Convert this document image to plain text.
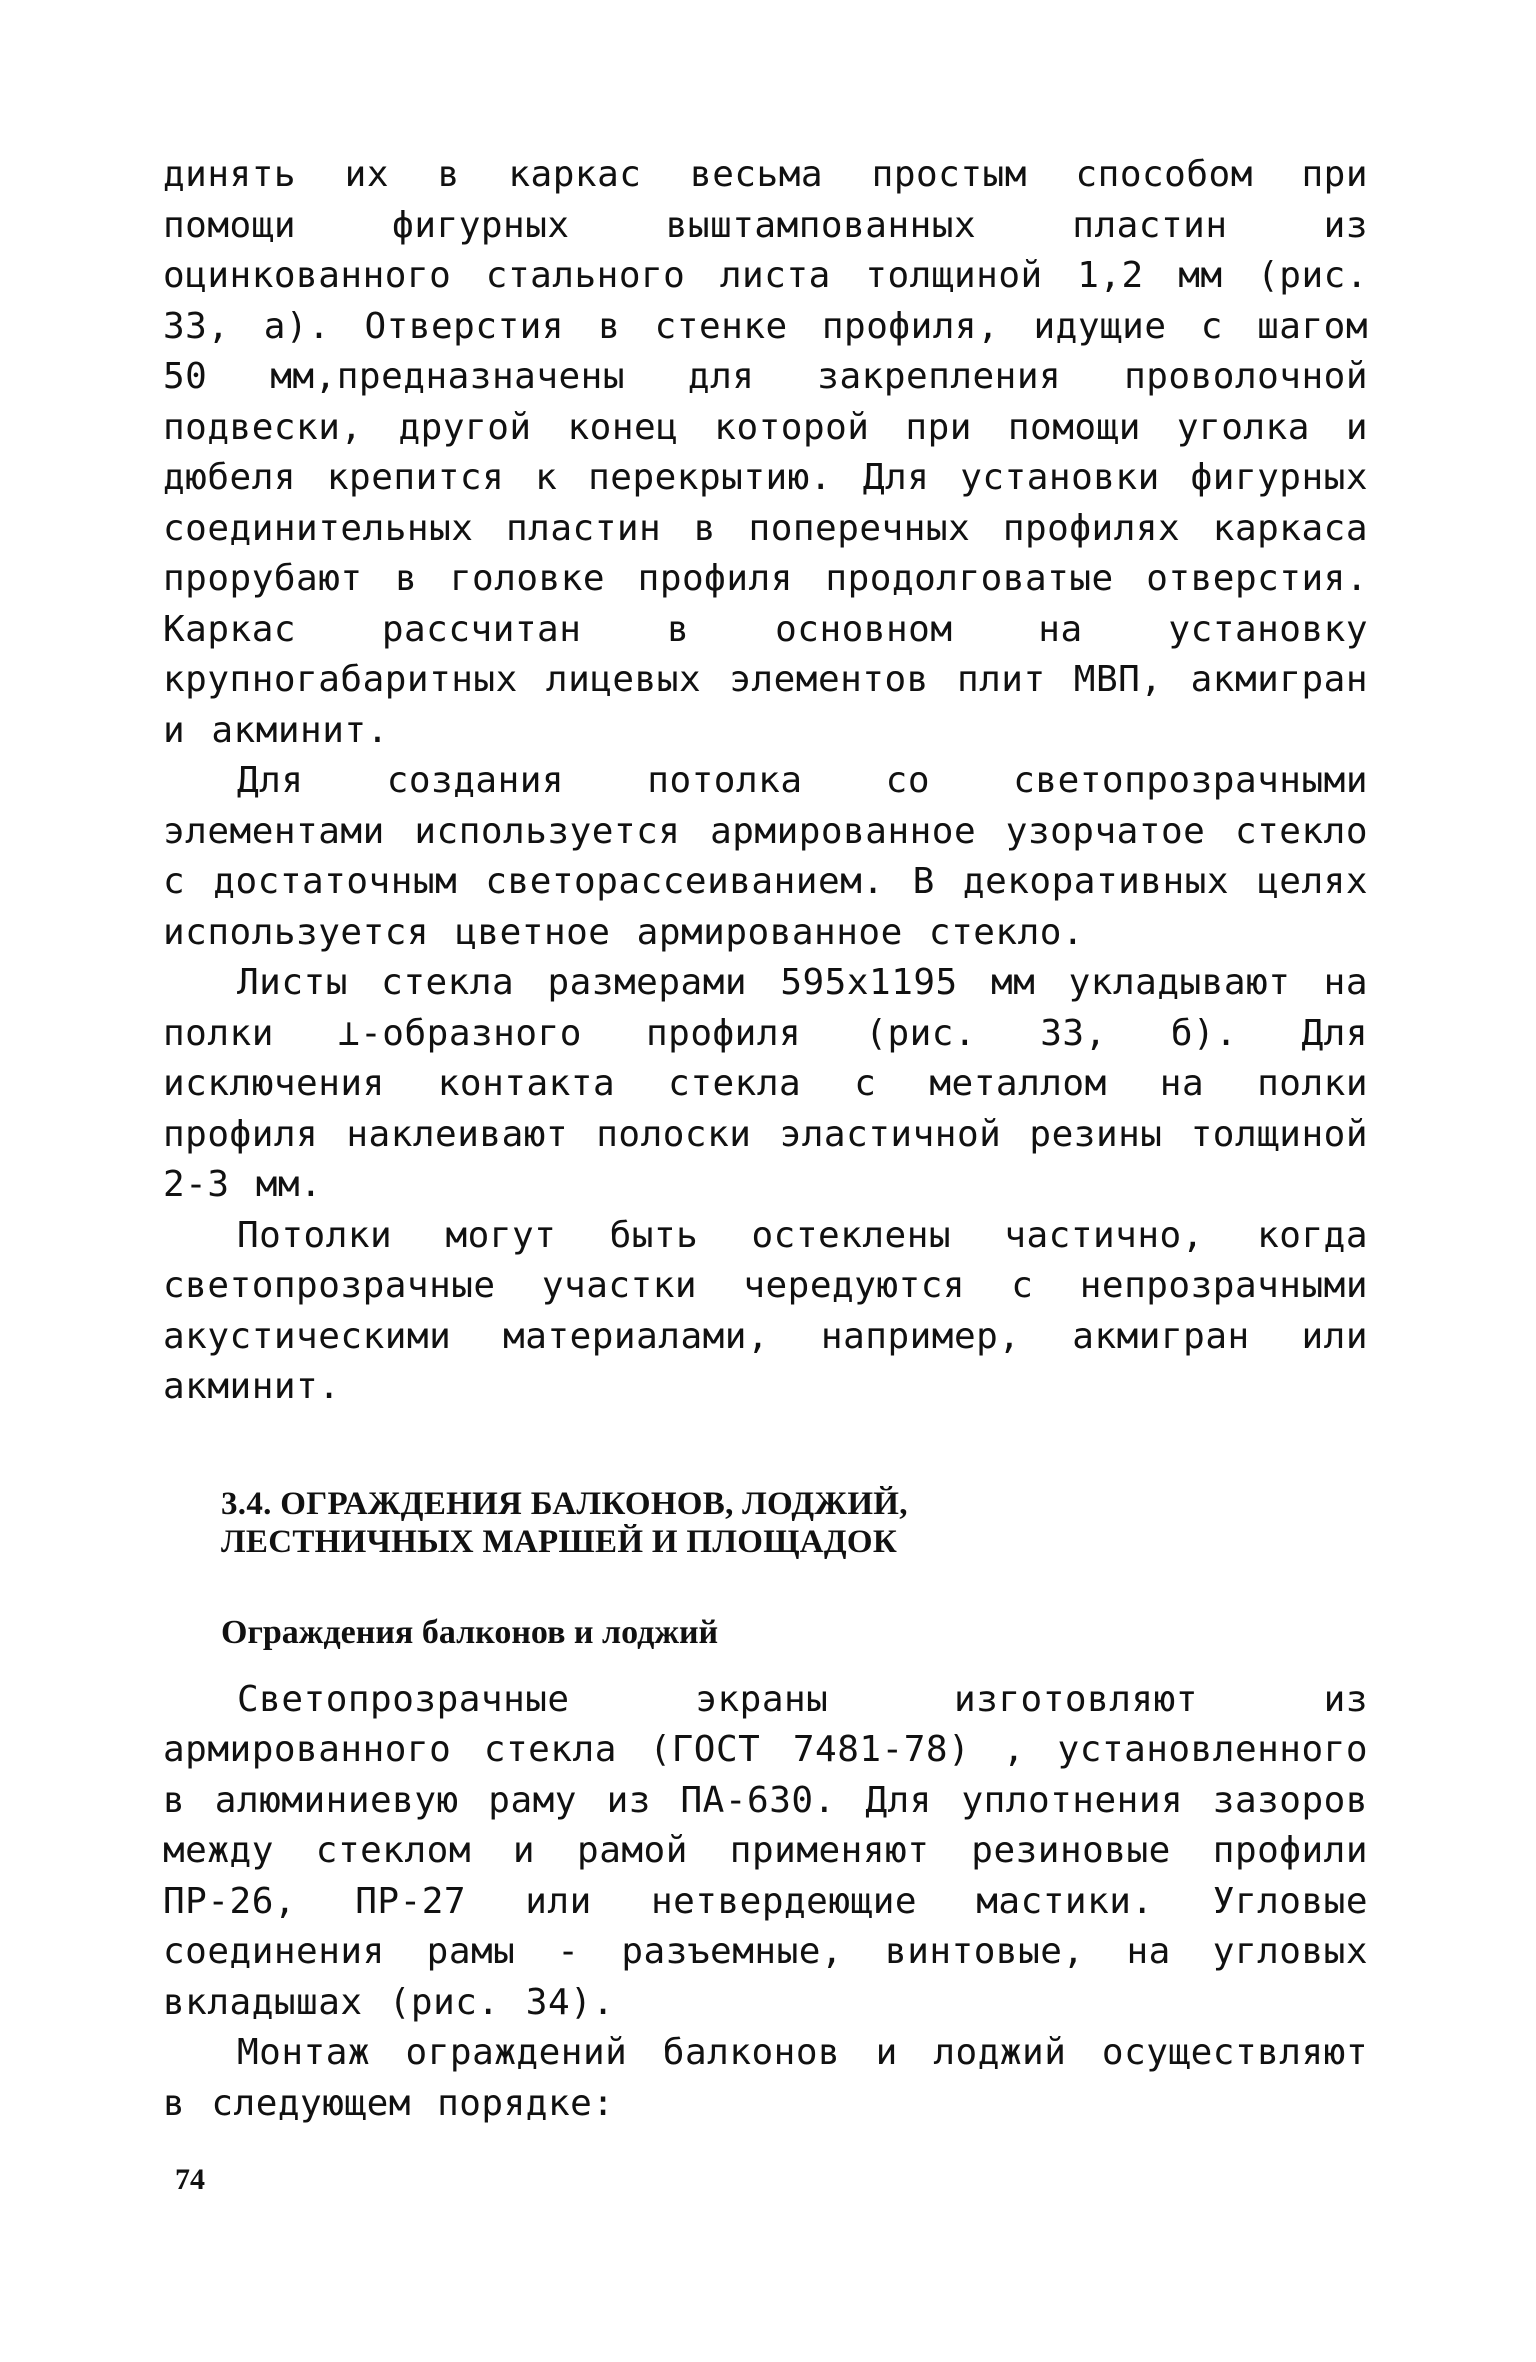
динять их в каркас весьма простым способом при помощи фигурных выштампованных пластин из оцинкованного стального листа толщиной 1,2 мм (рис. 33, а). Отверстия в стенке профиля, идущие с шагом 50 мм,предназначены для закрепления проволочной подвески, другой конец которой при помощи уголка и дюбеля крепится к перекрытию. Для установки фигурных соединительных пластин в поперечных профилях каркаса прорубают в головке профиля продолговатые отверстия. Каркас рассчитан в основном на установку крупногабаритных лицевых элементов плит МВП, акмигран и акминит.

Для создания потолка со светопрозрачными элементами используется армированное узорчатое стекло с достаточным светорассеиванием. В декоративных целях используется цветное армированное стекло.

Листы стекла размерами 595х1195 мм укладывают на полки ⊥-образного профиля (рис. 33, б). Для исключения контакта стекла с металлом на полки профиля наклеивают полоски эластичной резины толщиной 2-3 мм.

Потолки могут быть остеклены частично, когда светопрозрачные участки чередуются с непрозрачными акустическими материалами, например, акмигран или акминит.

3.4. ОГРАЖДЕНИЯ БАЛКОНОВ, ЛОДЖИЙ,
ЛЕСТНИЧНЫХ МАРШЕЙ И ПЛОЩАДОК
Ограждения балконов и лоджий

Светопрозрачные экраны изготовляют из армированного стекла (ГОСТ 7481-78) , установленного в алюминиевую раму из ПА-630. Для уплотнения зазоров между стеклом и рамой применяют резиновые профили ПР-26, ПР-27 или нетвердеющие мастики. Угловые соединения рамы - разъемные, винтовые, на угловых вкладышах (рис. 34).

Монтаж ограждений балконов и лоджий осуществляют в следующем порядке:

74
